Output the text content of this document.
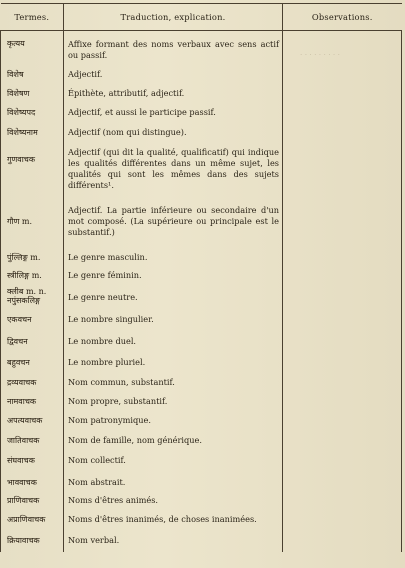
· · · · · · · · ·
Termes.	Traduction, explication.	Observations.
कृत्यय	Affixe formant des noms verbaux avec sens actif ou passif.	
विशेष	Adjectif.	
विशेषण	Épithète, attributif, adjectif.	
विशेष्यपद	Adjectif, et aussi le participe passif.	
विशेष्यनाम	Adjectif (nom qui distingue).	
गुणवाचक	Adjectif (qui dit la qualité, qualificatif) qui indique les qualités différentes dans un même sujet, les qualités qui sont les mêmes dans des sujets différents¹.	
गौण m.	Adjectif. La partie inférieure ou secondaire d'un mot composé. (La supérieure ou principale est le substantif.)	
पुंल्लिङ्ग m.	Le genre masculin.	
स्त्रीलिङ्ग m.	Le genre féminin.	
क्लीब m. n. नपुंसकलिङ्ग	Le genre neutre.	
एकवचन	Le nombre singulier.	
द्विवचन	Le nombre duel.	
बहुवचन	Le nombre pluriel.	
द्रव्यवाचक	Nom commun, substantif.	
नामवाचक	Nom propre, substantif.	
अपत्यवाचक	Nom patronymique.	
जातिवाचक	Nom de famille, nom générique.	
संघवाचक	Nom collectif.	
भाववाचक	Nom abstrait.	
प्राणिवाचक	Noms d'êtres animés.	
अप्राणिवाचक	Noms d'êtres inanimés, de choses inanimées.	
क्रियावाचक	Nom verbal.	
